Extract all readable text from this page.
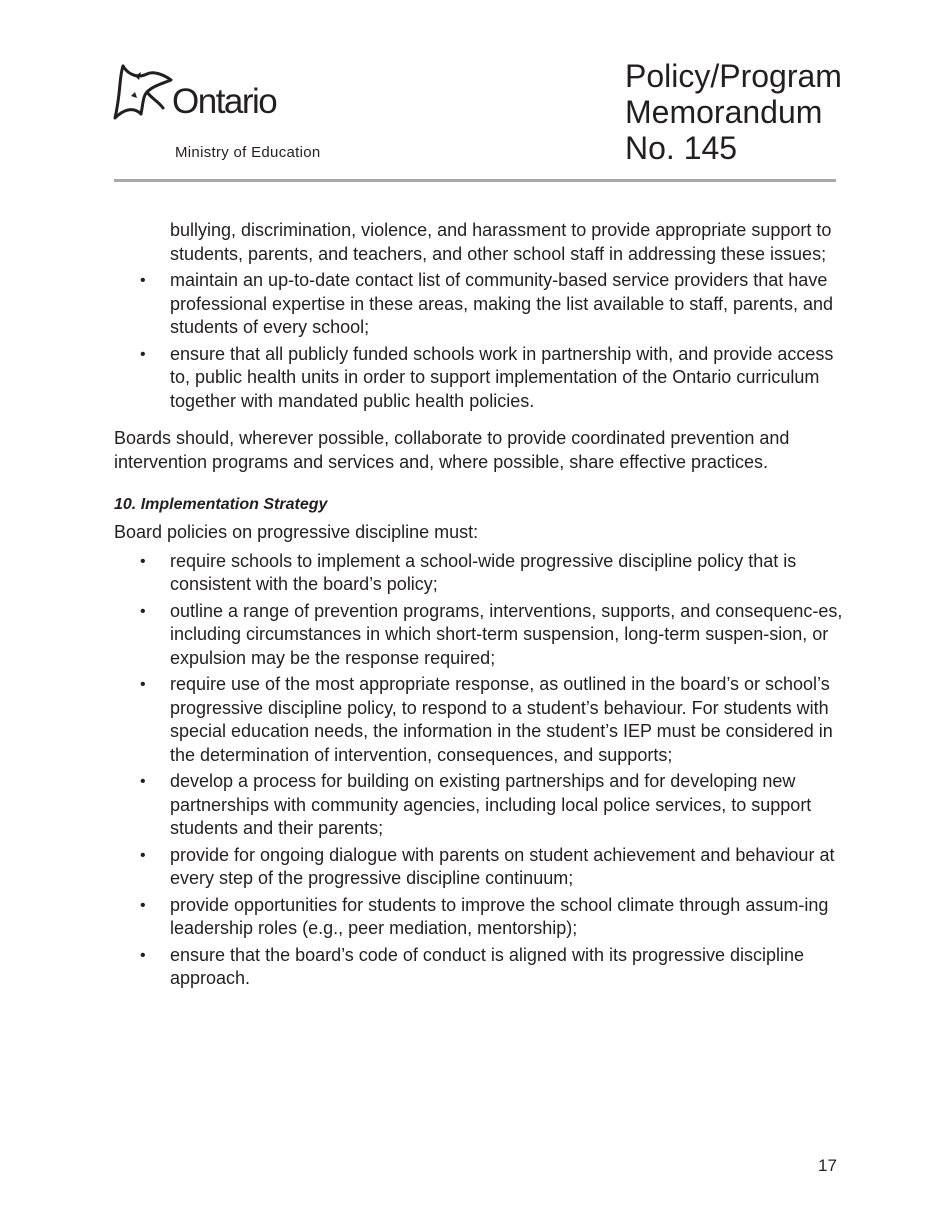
Ontario
Ministry of Education
Policy/Program
Memorandum
No. 145

bullying, discrimination, violence, and harassment to provide appropriate support to students, parents, and teachers, and other school staff in addressing these issues;

• maintain an up-to-date contact list of community-based service providers that have professional expertise in these areas, making the list available to staff, parents, and students of every school;
• ensure that all publicly funded schools work in partnership with, and provide access to, public health units in order to support implementation of the Ontario curriculum together with mandated public health policies.

Boards should, wherever possible, collaborate to provide coordinated prevention and intervention programs and services and, where possible, share effective practices.

10. Implementation Strategy

Board policies on progressive discipline must:

• require schools to implement a school-wide progressive discipline policy that is consistent with the board’s policy;
• outline a range of prevention programs, interventions, supports, and consequenc-es, including circumstances in which short-term suspension, long-term suspen-sion, or expulsion may be the response required;
• require use of the most appropriate response, as outlined in the board’s or school’s progressive discipline policy, to respond to a student’s behaviour. For students with special education needs, the information in the student’s IEP must be considered in the determination of intervention, consequences, and supports;
• develop a process for building on existing partnerships and for developing new partnerships with community agencies, including local police services, to support students and their parents;
• provide for ongoing dialogue with parents on student achievement and behaviour at every step of the progressive discipline continuum;
• provide opportunities for students to improve the school climate through assum-ing leadership roles (e.g., peer mediation, mentorship);
• ensure that the board’s code of conduct is aligned with its progressive discipline approach.
17
